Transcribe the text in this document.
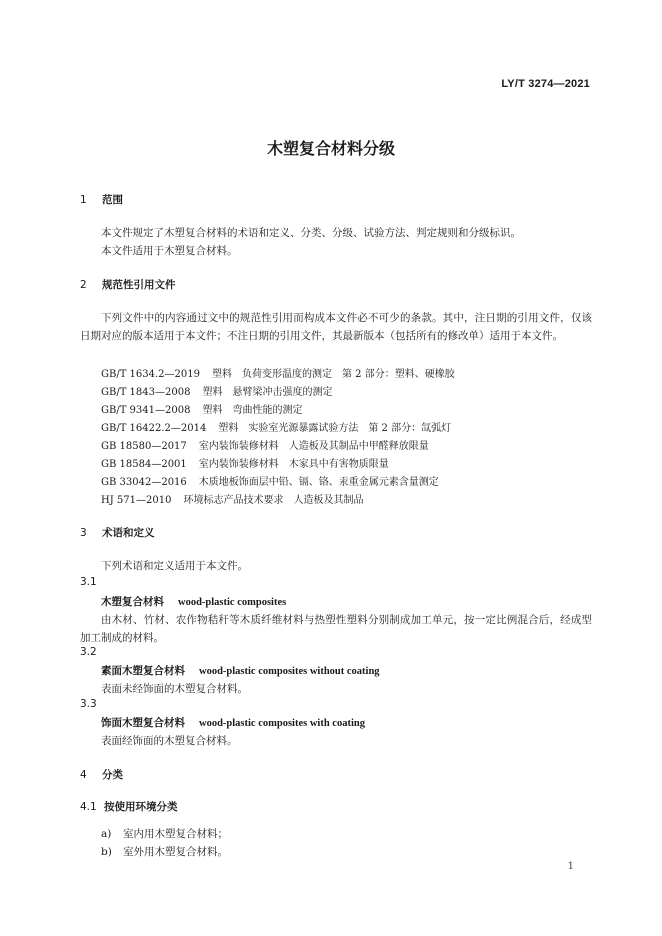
LY/T 3274—2021
木塑复合材料分级
1 范围
本文件规定了木塑复合材料的术语和定义、分类、分级、试验方法、判定规则和分级标识。
本文件适用于木塑复合材料。
2 规范性引用文件
下列文件中的内容通过文中的规范性引用而构成本文件必不可少的条款。其中，注日期的引用文件，仅该日期对应的版本适用于本文件；不注日期的引用文件，其最新版本（包括所有的修改单）适用于本文件。
GB/T 1634.2—2019 塑料　负荷变形温度的测定　第 2 部分：塑料、硬橡胶
GB/T 1843—2008 塑料　悬臂梁冲击强度的测定
GB/T 9341—2008 塑料　弯曲性能的测定
GB/T 16422.2—2014 塑料　实验室光源暴露试验方法　第 2 部分：氙弧灯
GB 18580—2017 室内装饰装修材料　人造板及其制品中甲醛释放限量
GB 18584—2001 室内装饰装修材料　木家具中有害物质限量
GB 33042—2016 木质地板饰面层中铅、镉、铬、汞重金属元素含量测定
HJ 571—2010 环境标志产品技术要求　人造板及其制品
3 术语和定义
下列术语和定义适用于本文件。
3.1
木塑复合材料 wood-plastic composites
由木材、竹材、农作物秸秆等木质纤维材料与热塑性塑料分别制成加工单元，按一定比例混合后，经成型加工制成的材料。
3.2
素面木塑复合材料 wood-plastic composites without coating
表面未经饰面的木塑复合材料。
3.3
饰面木塑复合材料 wood-plastic composites with coating
表面经饰面的木塑复合材料。
4 分类
4.1 按使用环境分类
a) 室内用木塑复合材料；
b) 室外用木塑复合材料。
1
